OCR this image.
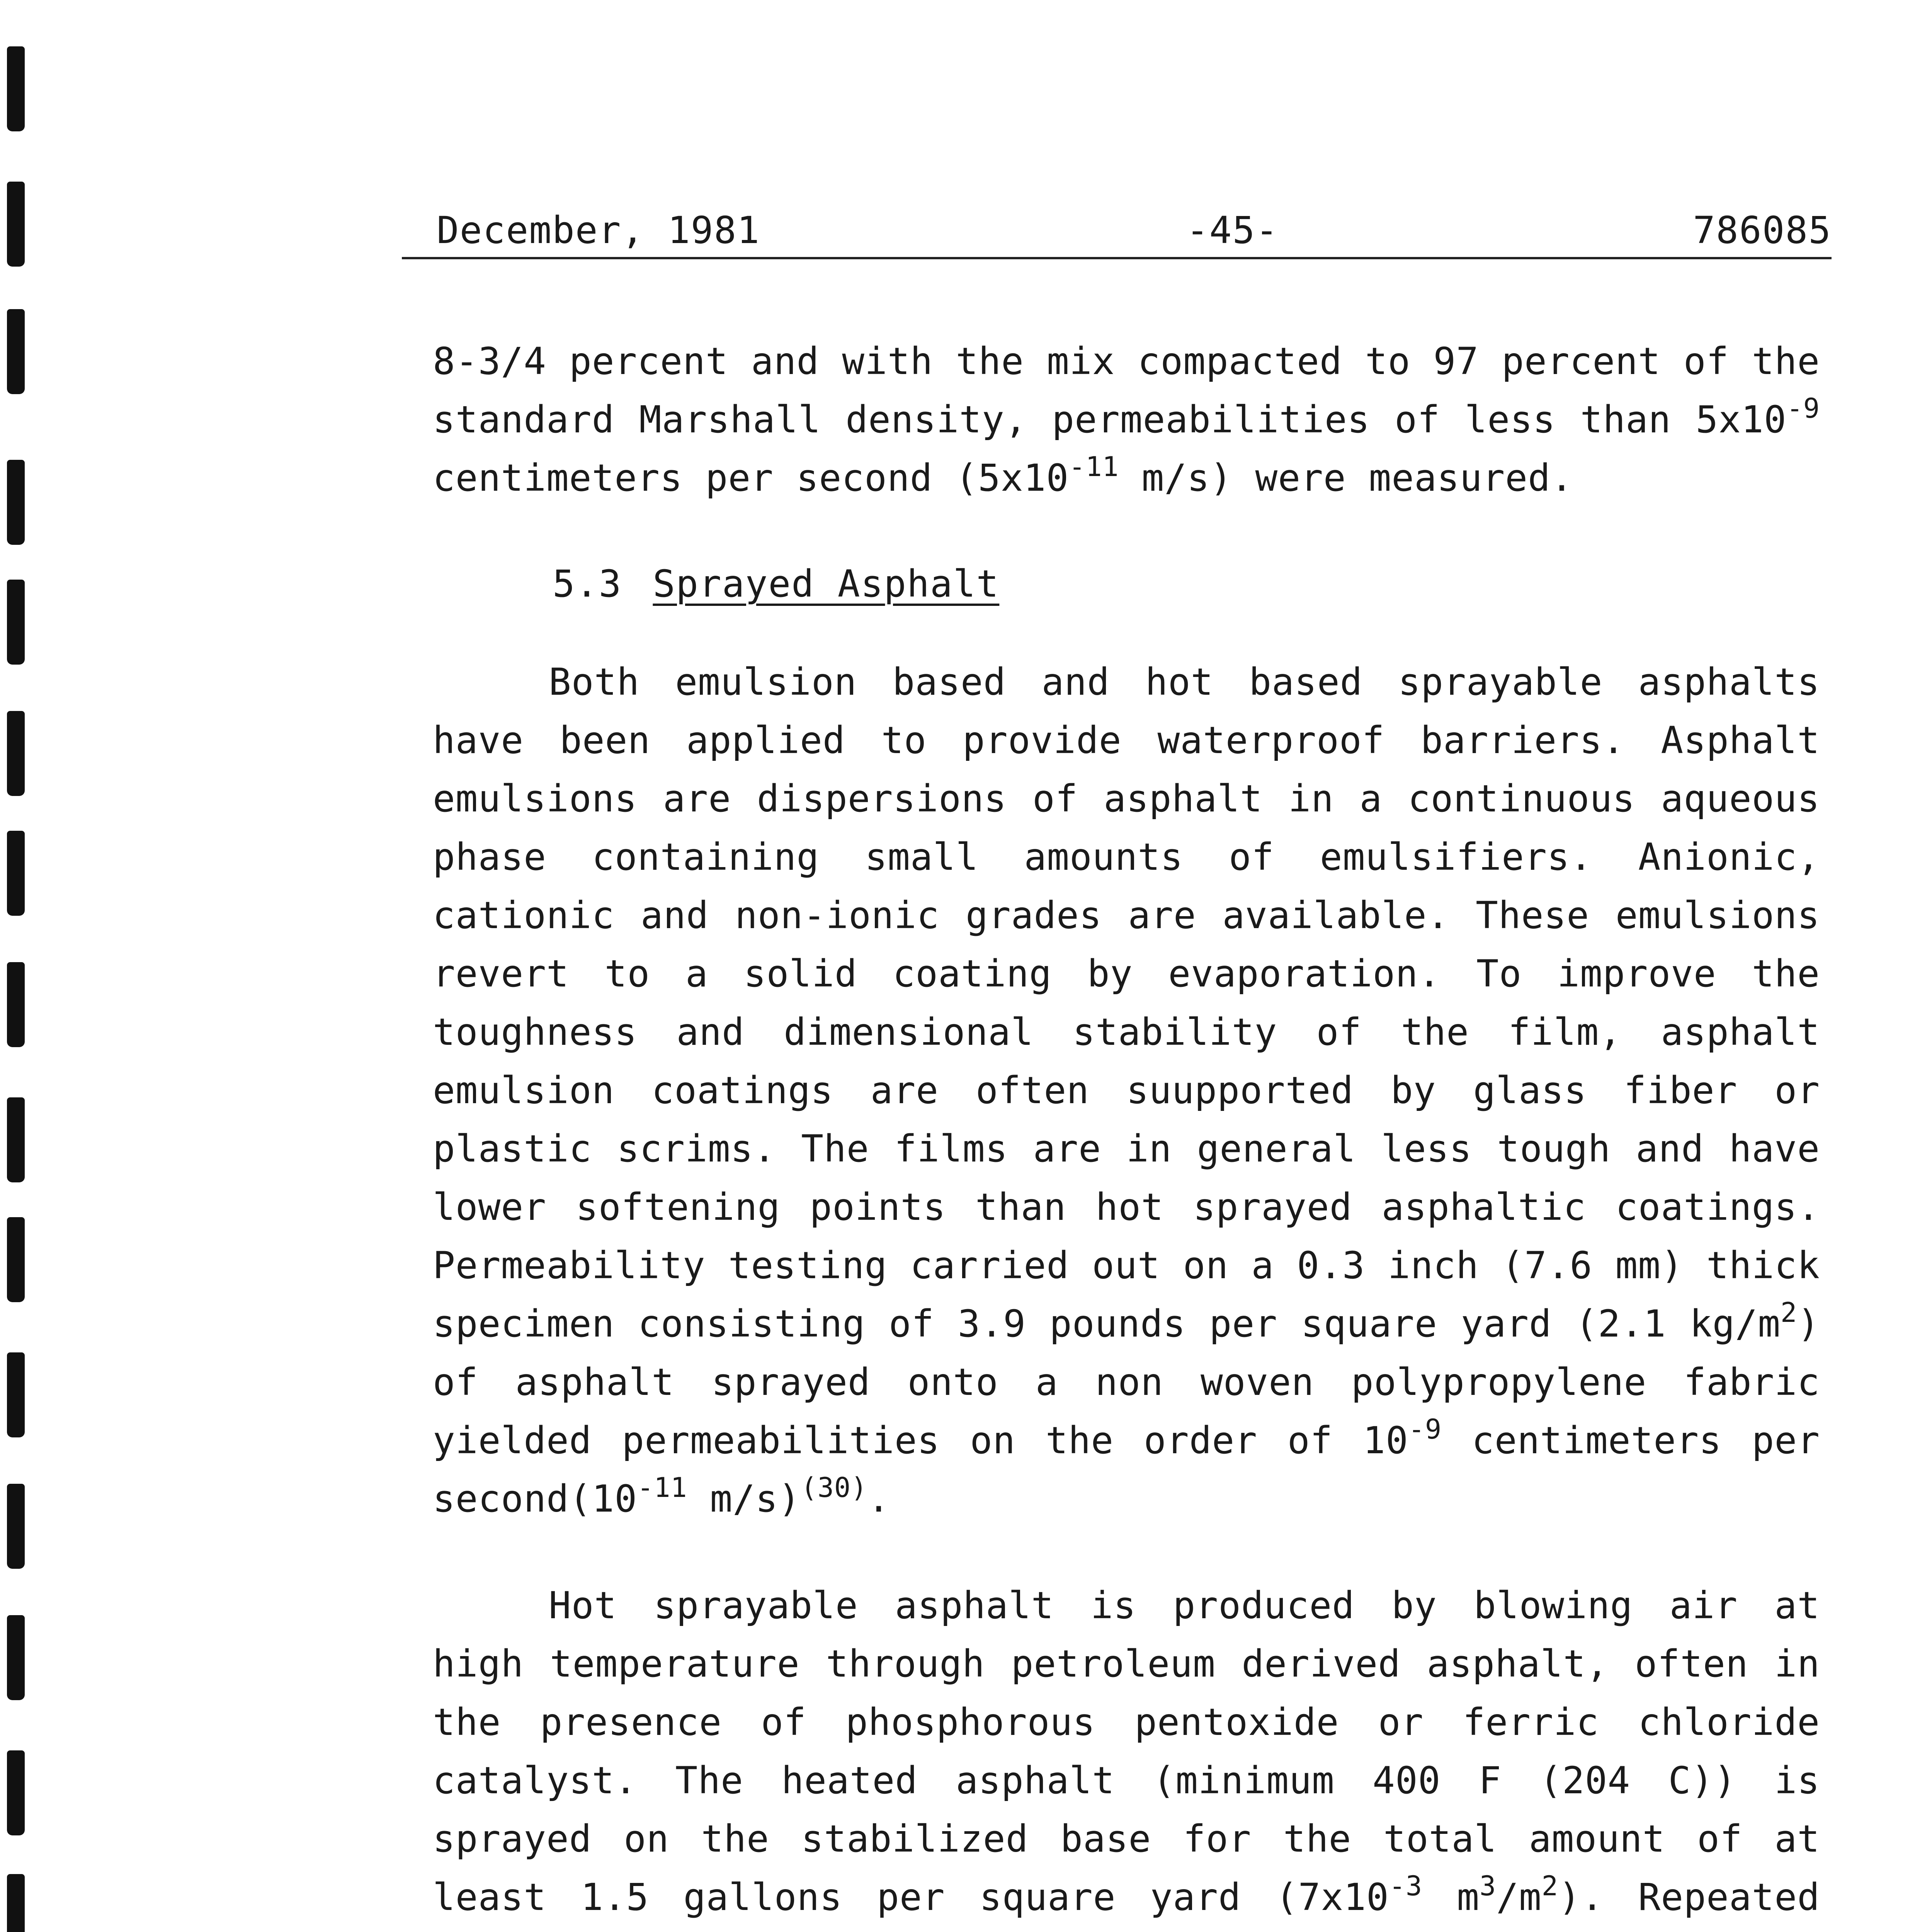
December, 1981	-45-	786085
8-3/4 percent and with the mix compacted to 97 percent of the standard Marshall density, permeabilities of less than $5x10^{-9}$ centimeters per second ($5x10^{-11}$ m/s) were measured.
5.3 Sprayed Asphalt
Both emulsion based and hot based sprayable asphalts have been applied to provide waterproof barriers. Asphalt emulsions are dispersions of asphalt in a continuous aqueous phase containing small amounts of emulsifiers. Anionic, cationic and non-ionic grades are available. These emulsions revert to a solid coating by evaporation. To improve the toughness and dimensional stability of the film, asphalt emulsion coatings are often suupported by glass fiber or plastic scrims. The films are in general less tough and have lower softening points than hot sprayed asphaltic coatings. Permeability testing carried out on a 0.3 inch (7.6 mm) thick specimen consisting of 3.9 pounds per square yard (2.1 $kg/m^2$) of asphalt sprayed onto a non woven polypropylene fabric yielded permeabilities on the order of $10^{-9}$ centimeters per $second(10^{-11}$ m/s)$^{(30)}$.
Hot sprayable asphalt is produced by blowing air at high temperature through petroleum derived asphalt, often in the presence of phosphorous pentoxide or ferric chloride catalyst. The heated asphalt (minimum 400 F (204 C)) is sprayed on the stabilized base for the total amount of at least 1.5 gallons per square yard ($7x10^{-3}$ $m^3/m^2$). Repeated
